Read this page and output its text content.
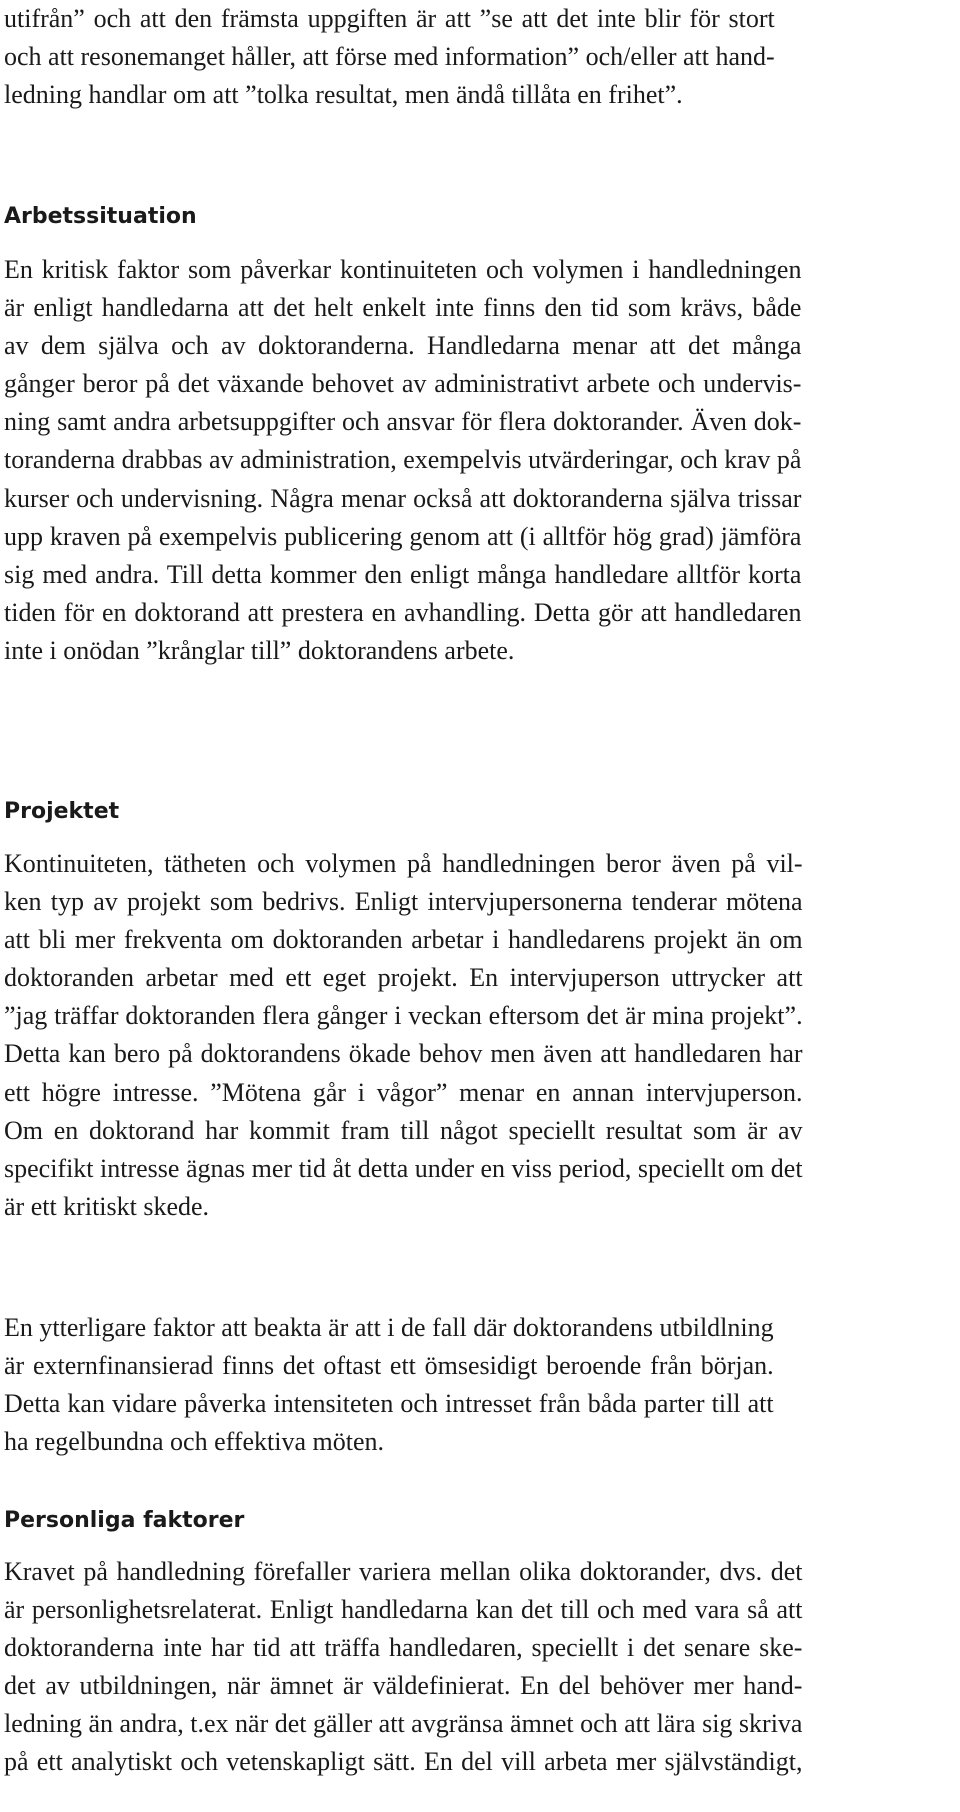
utifrån” och att den främsta uppgiften är att ”se att det inte blir för stort
och att resonemanget håller, att förse med information” och/eller att hand-
ledning handlar om att ”tolka resultat, men ändå tillåta en frihet”.
Arbetssituation
En kritisk faktor som påverkar kontinuiteten och volymen i handledningen
är enligt handledarna att det helt enkelt inte finns den tid som krävs, både
av dem själva och av doktoranderna. Handledarna menar att det många
gånger beror på det växande behovet av administrativt arbete och undervis-
ning samt andra arbetsuppgifter och ansvar för flera doktorander. Även dok-
toranderna drabbas av administration, exempelvis utvärderingar, och krav på
kurser och undervisning. Några menar också att doktoranderna själva trissar
upp kraven på exempelvis publicering genom att (i alltför hög grad) jämföra
sig med andra. Till detta kommer den enligt många handledare alltför korta
tiden för en doktorand att prestera en avhandling. Detta gör att handledaren
inte i onödan ”krånglar till” doktorandens arbete.
Projektet
Kontinuiteten, tätheten och volymen på handledningen beror även på vil-
ken typ av projekt som bedrivs. Enligt intervjupersonerna tenderar mötena
att bli mer frekventa om doktoranden arbetar i handledarens projekt än om
doktoranden arbetar med ett eget projekt. En intervjuperson uttrycker att
”jag träffar doktoranden flera gånger i veckan eftersom det är mina projekt”.
Detta kan bero på doktorandens ökade behov men även att handledaren har
ett högre intresse. ”Mötena går i vågor” menar en annan intervjuperson.
Om en doktorand har kommit fram till något speciellt resultat som är av
specifikt intresse ägnas mer tid åt detta under en viss period, speciellt om det
är ett kritiskt skede.
En ytterligare faktor att beakta är att i de fall där doktorandens utbildlning
är externfinansierad finns det oftast ett ömsesidigt beroende från början.
Detta kan vidare påverka intensiteten och intresset från båda parter till att
ha regelbundna och effektiva möten.
Personliga faktorer
Kravet på handledning förefaller variera mellan olika doktorander, dvs. det
är personlighetsrelaterat. Enligt handledarna kan det till och med vara så att
doktoranderna inte har tid att träffa handledaren, speciellt i det senare ske-
det av utbildningen, när ämnet är väldefinierat. En del behöver mer hand-
ledning än andra, t.ex när det gäller att avgränsa ämnet och att lära sig skriva
på ett analytiskt och vetenskapligt sätt. En del vill arbeta mer självständigt,
